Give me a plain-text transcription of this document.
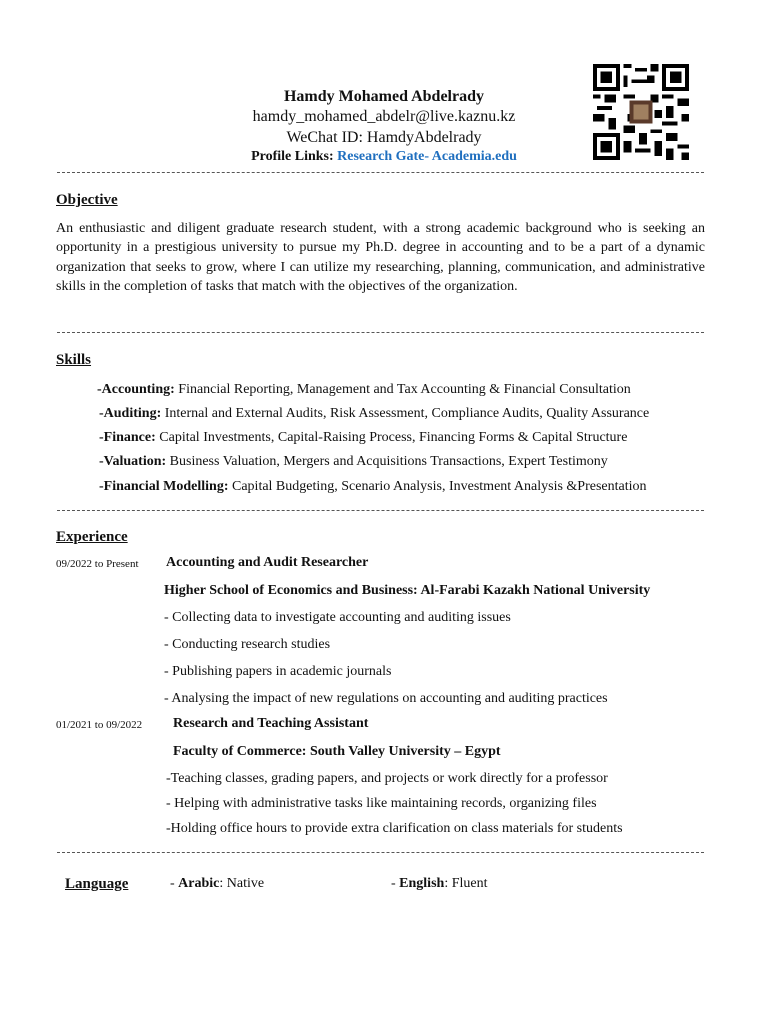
Hamdy Mohamed Abdelrady
hamdy_mohamed_abdelr@live.kaznu.kz
WeChat ID: HamdyAbdelrady
Profile Links: Research Gate- Academia.edu
Objective
An enthusiastic and diligent graduate research student, with a strong academic background who is seeking an opportunity in a prestigious university to pursue my Ph.D. degree in accounting and to be a part of a dynamic organization that seeks to grow, where I can utilize my researching, planning, communication, and administrative skills in the completion of tasks that match with the objectives of the organization.
Skills
-Accounting: Financial Reporting, Management and Tax Accounting & Financial Consultation
-Auditing: Internal and External Audits, Risk Assessment, Compliance Audits, Quality Assurance
-Finance: Capital Investments, Capital-Raising Process, Financing Forms & Capital Structure
-Valuation: Business Valuation, Mergers and Acquisitions Transactions, Expert Testimony
-Financial Modelling: Capital Budgeting, Scenario Analysis, Investment Analysis &Presentation
Experience
09/2022 to Present Accounting and Audit Researcher
Higher School of Economics and Business: Al-Farabi Kazakh National University
- Collecting data to investigate accounting and auditing issues
- Conducting research studies
- Publishing papers in academic journals
- Analysing the impact of new regulations on accounting and auditing practices
01/2021 to 09/2022 Research and Teaching Assistant
Faculty of Commerce: South Valley University – Egypt
-Teaching classes, grading papers, and projects or work directly for a professor
- Helping with administrative tasks like maintaining records, organizing files
-Holding office hours to provide extra clarification on class materials for students
Language	- Arabic: Native	- English: Fluent
